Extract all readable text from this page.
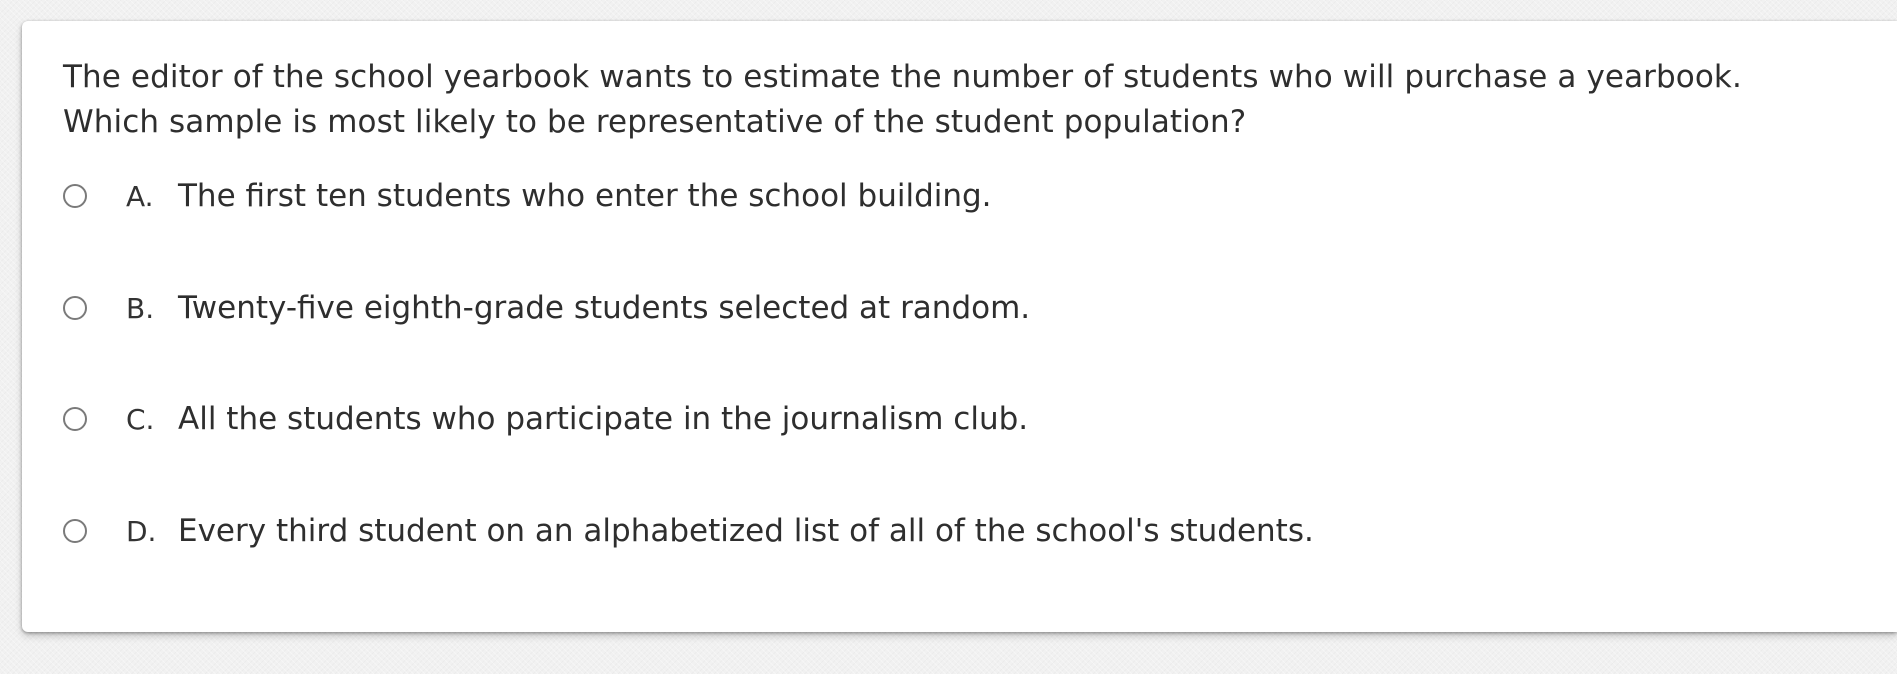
The editor of the school yearbook wants to estimate the number of students who will purchase a yearbook.
Which sample is most likely to be representative of the student population?

A. The first ten students who enter the school building.
B. Twenty-five eighth-grade students selected at random.
C. All the students who participate in the journalism club.
D. Every third student on an alphabetized list of all of the school's students.
